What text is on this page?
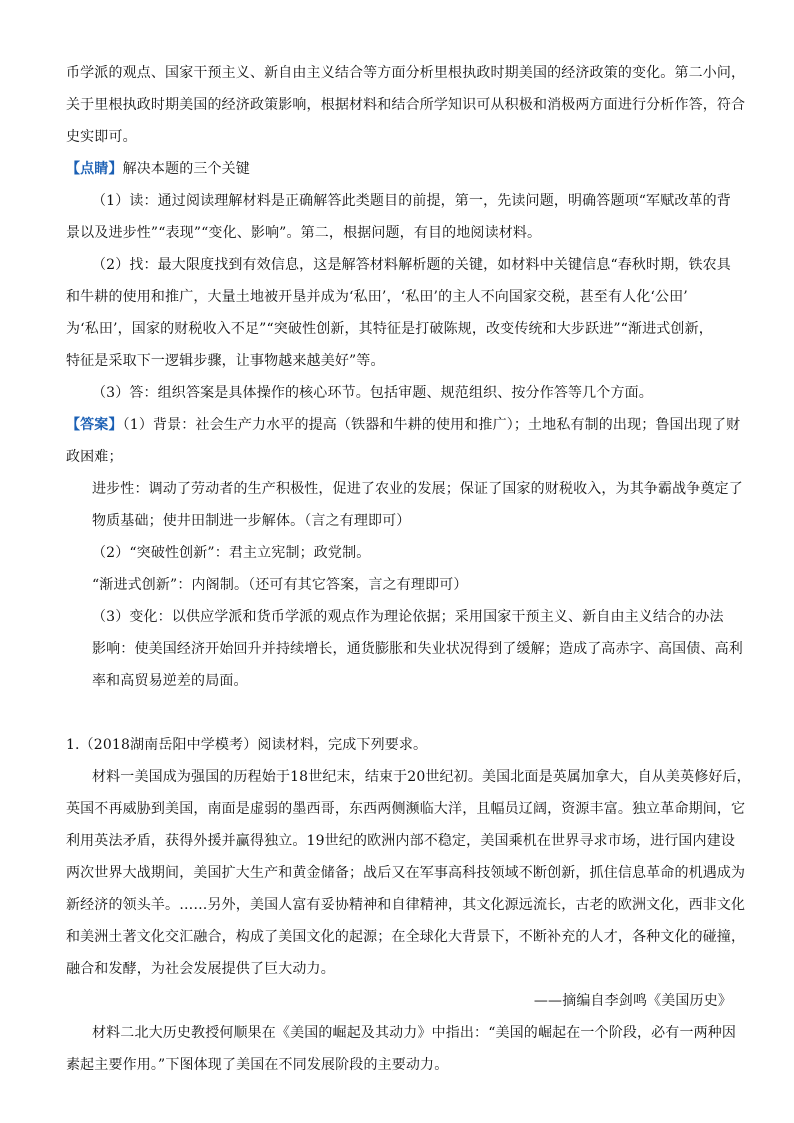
币学派的观点、国家干预主义、新自由主义结合等方面分析里根执政时期美国的经济政策的变化。第二小问，
关于里根执政时期美国的经济政策影响，根据材料和结合所学知识可从积极和消极两方面进行分析作答，符合
史实即可。
【点睛】解决本题的三个关键
（1）读：通过阅读理解材料是正确解答此类题目的前提，第一，先读问题，明确答题项“军赋改革的背
景以及进步性”“表现”“变化、影响”。第二，根据问题，有目的地阅读材料。
（2）找：最大限度找到有效信息，这是解答材料解析题的关键，如材料中关键信息“春秋时期，铁农具
和牛耕的使用和推广，大量土地被开垦并成为‘私田’，‘私田’的主人不向国家交税，甚至有人化‘公田’
为‘私田’，国家的财税收入不足”“突破性创新，其特征是打破陈规，改变传统和大步跃进”“渐进式创新，
特征是采取下一逻辑步骤，让事物越来越美好”等。
（3）答：组织答案是具体操作的核心环节。包括审题、规范组织、按分作答等几个方面。
【答案】（1）背景：社会生产力水平的提高（铁器和牛耕的使用和推广）；土地私有制的出现；鲁国出现了财
政困难；
进步性：调动了劳动者的生产积极性，促进了农业的发展；保证了国家的财税收入，为其争霸战争奠定了
物质基础；使井田制进一步解体。（言之有理即可）
（2）“突破性创新”：君主立宪制；政党制。
“渐进式创新”：内阁制。（还可有其它答案，言之有理即可）
（3）变化：以供应学派和货币学派的观点作为理论依据；采用国家干预主义、新自由主义结合的办法
影响：使美国经济开始回升并持续增长，通货膨胀和失业状况得到了缓解；造成了高赤字、高国债、高利
率和高贸易逆差的局面。
1.（2018湖南岳阳中学模考）阅读材料，完成下列要求。
材料一美国成为强国的历程始于18世纪末，结束于20世纪初。美国北面是英属加拿大，自从美英修好后，
英国不再威胁到美国，南面是虚弱的墨西哥，东西两侧濒临大洋，且幅员辽阔，资源丰富。独立革命期间，它
利用英法矛盾，获得外援并赢得独立。19世纪的欧洲内部不稳定，美国乘机在世界寻求市场，进行国内建设
两次世界大战期间，美国扩大生产和黄金储备；战后又在军事高科技领域不断创新，抓住信息革命的机遇成为
新经济的领头羊。……另外，美国人富有妥协精神和自律精神，其文化源远流长，古老的欧洲文化，西非文化
和美洲土著文化交汇融合，构成了美国文化的起源；在全球化大背景下，不断补充的人才，各种文化的碰撞，
融合和发酵，为社会发展提供了巨大动力。
——摘编自李剑鸣《美国历史》
材料二北大历史教授何顺果在《美国的崛起及其动力》中指出：“美国的崛起在一个阶段，必有一两种因
素起主要作用。”下图体现了美国在不同发展阶段的主要动力。
